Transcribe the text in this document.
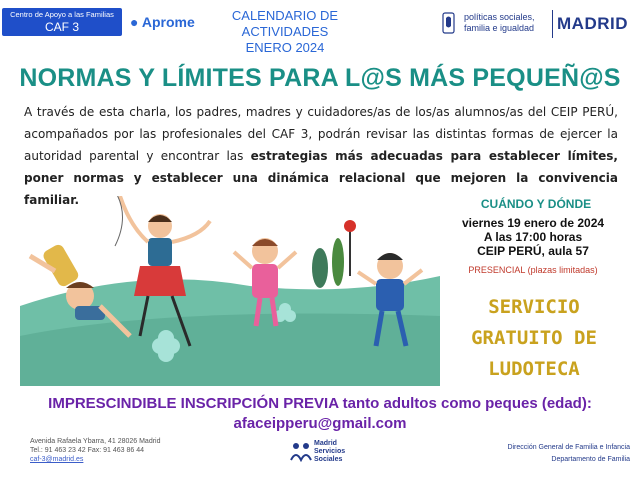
Centro de Apoyo a las Familias
CAF 3	● Aprome	CALENDARIO DE ACTIVIDADES
ENERO 2024
políticas sociales,
familia e igualdad MADRID
NORMAS Y LÍMITES PARA L@S MÁS PEQUEÑ@S
A través de esta charla, los padres, madres y cuidadores/as de los/as alumnos/as del CEIP PERÚ, acompañados por las profesionales del CAF 3, podrán revisar las distintas formas de ejercer la autoridad parental y encontrar las estrategias más adecuadas para establecer límites, poner normas y establecer una dinámica relacional que mejoren la convivencia familiar.	CUÁNDO Y DÓNDE
viernes 19 enero de 2024
A las 17:00 horas
CEIP PERÚ, aula 57
PRESENCIAL (plazas limitadas)
SERVICIO
GRATUITO DE
LUDOTECA
IMPRESCINDIBLE INSCRIPCIÓN PREVIA tanto adultos como peques (edad):
afaceipperu@gmail.com
Avenida Rafaela Ybarra, 41 28026 Madrid
Tel.: 91 463 23 42 Fax: 91 463 86 44
caf-3@madrid.es
Madrid
Servicios
Sociales
Dirección General de Familia e Infancia
Departamento de Familia
